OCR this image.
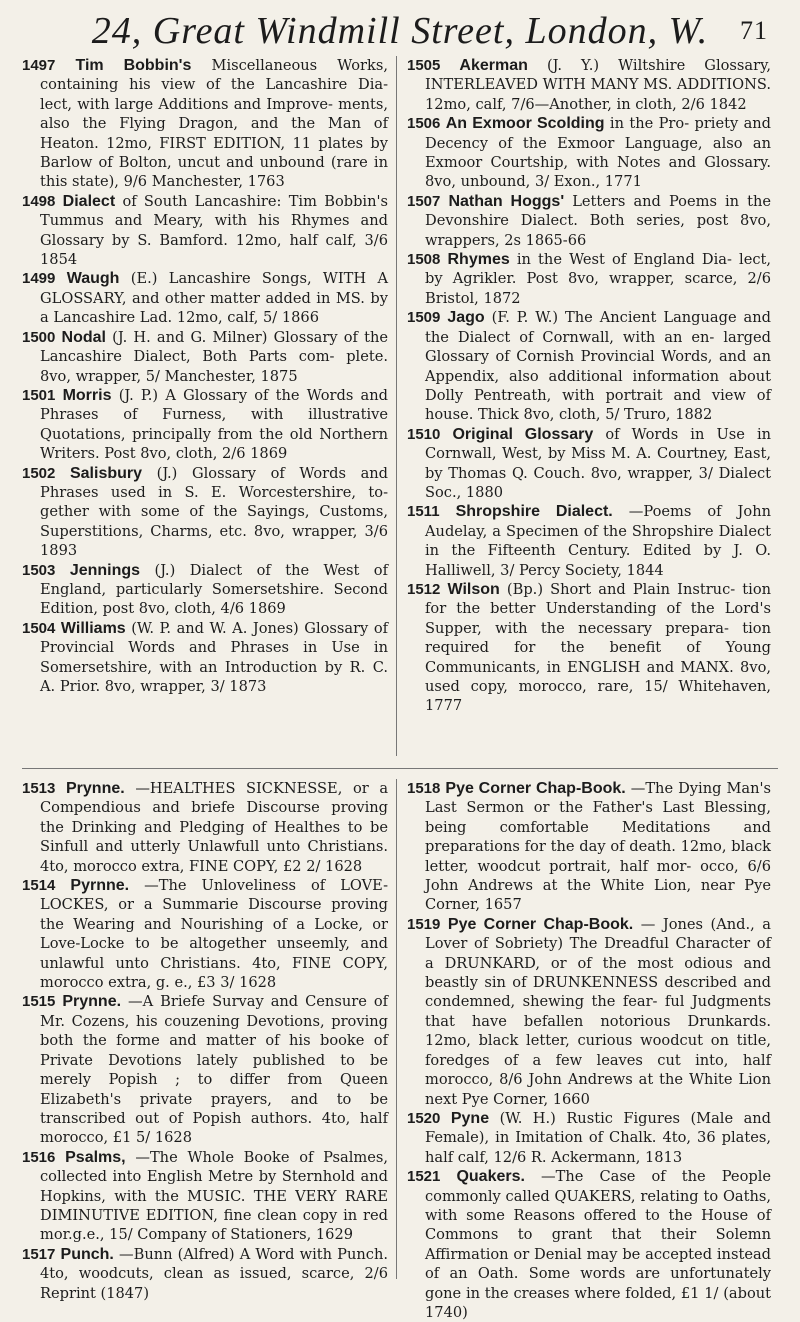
24, Great Windmill Street, London, W. 71

1497 Tim Bobbin's Miscellaneous Works, containing his view of the Lancashire Dia- lect, with large Additions and Improve- ments, also the Flying Dragon, and the Man of Heaton. 12mo, FIRST EDITION, 11 plates by Barlow of Bolton, uncut and unbound (rare in this state), 9/6 Manchester, 1763

1498 Dialect of South Lancashire: Tim Bobbin's Tummus and Meary, with his Rhymes and Glossary by S. Bamford. 12mo, half calf, 3/6 1854

1499 Waugh (E.) Lancashire Songs, WITH A GLOSSARY, and other matter added in MS. by a Lancashire Lad. 12mo, calf, 5/ 1866

1500 Nodal (J. H. and G. Milner) Glossary of the Lancashire Dialect, Both Parts com- plete. 8vo, wrapper, 5/ Manchester, 1875

1501 Morris (J. P.) A Glossary of the Words and Phrases of Furness, with illustrative Quotations, principally from the old Northern Writers. Post 8vo, cloth, 2/6 1869

1502 Salisbury (J.) Glossary of Words and Phrases used in S. E. Worcestershire, to- gether with some of the Sayings, Customs, Superstitions, Charms, etc. 8vo, wrapper, 3/6 1893

1503 Jennings (J.) Dialect of the West of England, particularly Somersetshire. Second Edition, post 8vo, cloth, 4/6 1869

1504 Williams (W. P. and W. A. Jones) Glossary of Provincial Words and Phrases in Use in Somersetshire, with an Introduction by R. C. A. Prior. 8vo, wrapper, 3/ 1873

1505 Akerman (J. Y.) Wiltshire Glossary, INTERLEAVED WITH MANY MS. ADDITIONS. 12mo, calf, 7/6—Another, in cloth, 2/6 1842

1506 An Exmoor Scolding in the Pro- priety and Decency of the Exmoor Language, also an Exmoor Courtship, with Notes and Glossary. 8vo, unbound, 3/ Exon., 1771

1507 Nathan Hoggs' Letters and Poems in the Devonshire Dialect. Both series, post 8vo, wrappers, 2s 1865-66

1508 Rhymes in the West of England Dia- lect, by Agrikler. Post 8vo, wrapper, scarce, 2/6 Bristol, 1872

1509 Jago (F. P. W.) The Ancient Language and the Dialect of Cornwall, with an en- larged Glossary of Cornish Provincial Words, and an Appendix, also additional information about Dolly Pentreath, with portrait and view of house. Thick 8vo, cloth, 5/ Truro, 1882

1510 Original Glossary of Words in Use in Cornwall, West, by Miss M. A. Courtney, East, by Thomas Q. Couch. 8vo, wrapper, 3/ Dialect Soc., 1880

1511 Shropshire Dialect. —Poems of John Audelay, a Specimen of the Shropshire Dialect in the Fifteenth Century. Edited by J. O. Halliwell, 3/ Percy Society, 1844

1512 Wilson (Bp.) Short and Plain Instruc- tion for the better Understanding of the Lord's Supper, with the necessary prepara- tion required for the benefit of Young Communicants, in ENGLISH and MANX. 8vo, used copy, morocco, rare, 15/ Whitehaven, 1777

1513 Prynne. —HEALTHES SICKNESSE, or a Compendious and briefe Discourse proving the Drinking and Pledging of Healthes to be Sinfull and utterly Unlawfull unto Christians. 4to, morocco extra, FINE COPY, £2 2/ 1628

1514 Pyrnne. —The Unloveliness of LOVE- LOCKES, or a Summarie Discourse proving the Wearing and Nourishing of a Locke, or Love-Locke to be altogether unseemly, and unlawful unto Christians. 4to, FINE COPY, morocco extra, g. e., £3 3/ 1628

1515 Prynne. —A Briefe Survay and Censure of Mr. Cozens, his couzening Devotions, proving both the forme and matter of his booke of Private Devotions lately published to be merely Popish ; to differ from Queen Elizabeth's private prayers, and to be transcribed out of Popish authors. 4to, half morocco, £1 5/ 1628

1516 Psalms, —The Whole Booke of Psalmes, collected into English Metre by Sternhold and Hopkins, with the MUSIC. THE VERY RARE DIMINUTIVE EDITION, fine clean copy in red mor.g.e., 15/ Company of Stationers, 1629

1517 Punch. —Bunn (Alfred) A Word with Punch. 4to, woodcuts, clean as issued, scarce, 2/6 Reprint (1847)

1518 Pye Corner Chap-Book. —The Dying Man's Last Sermon or the Father's Last Blessing, being comfortable Meditations and preparations for the day of death. 12mo, black letter, woodcut portrait, half mor- occo, 6/6 John Andrews at the White Lion, near Pye Corner, 1657

1519 Pye Corner Chap-Book. — Jones (And., a Lover of Sobriety) The Dreadful Character of a DRUNKARD, or of the most odious and beastly sin of DRUNKENNESS described and condemned, shewing the fear- ful Judgments that have befallen notorious Drunkards. 12mo, black letter, curious woodcut on title, foredges of a few leaves cut into, half morocco, 8/6 John Andrews at the White Lion next Pye Corner, 1660

1520 Pyne (W. H.) Rustic Figures (Male and Female), in Imitation of Chalk. 4to, 36 plates, half calf, 12/6 R. Ackermann, 1813

1521 Quakers. —The Case of the People commonly called QUAKERS, relating to Oaths, with some Reasons offered to the House of Commons to grant that their Solemn Affirmation or Denial may be accepted instead of an Oath. Some words are unfortunately gone in the creases where folded, £1 1/ (about 1740)
